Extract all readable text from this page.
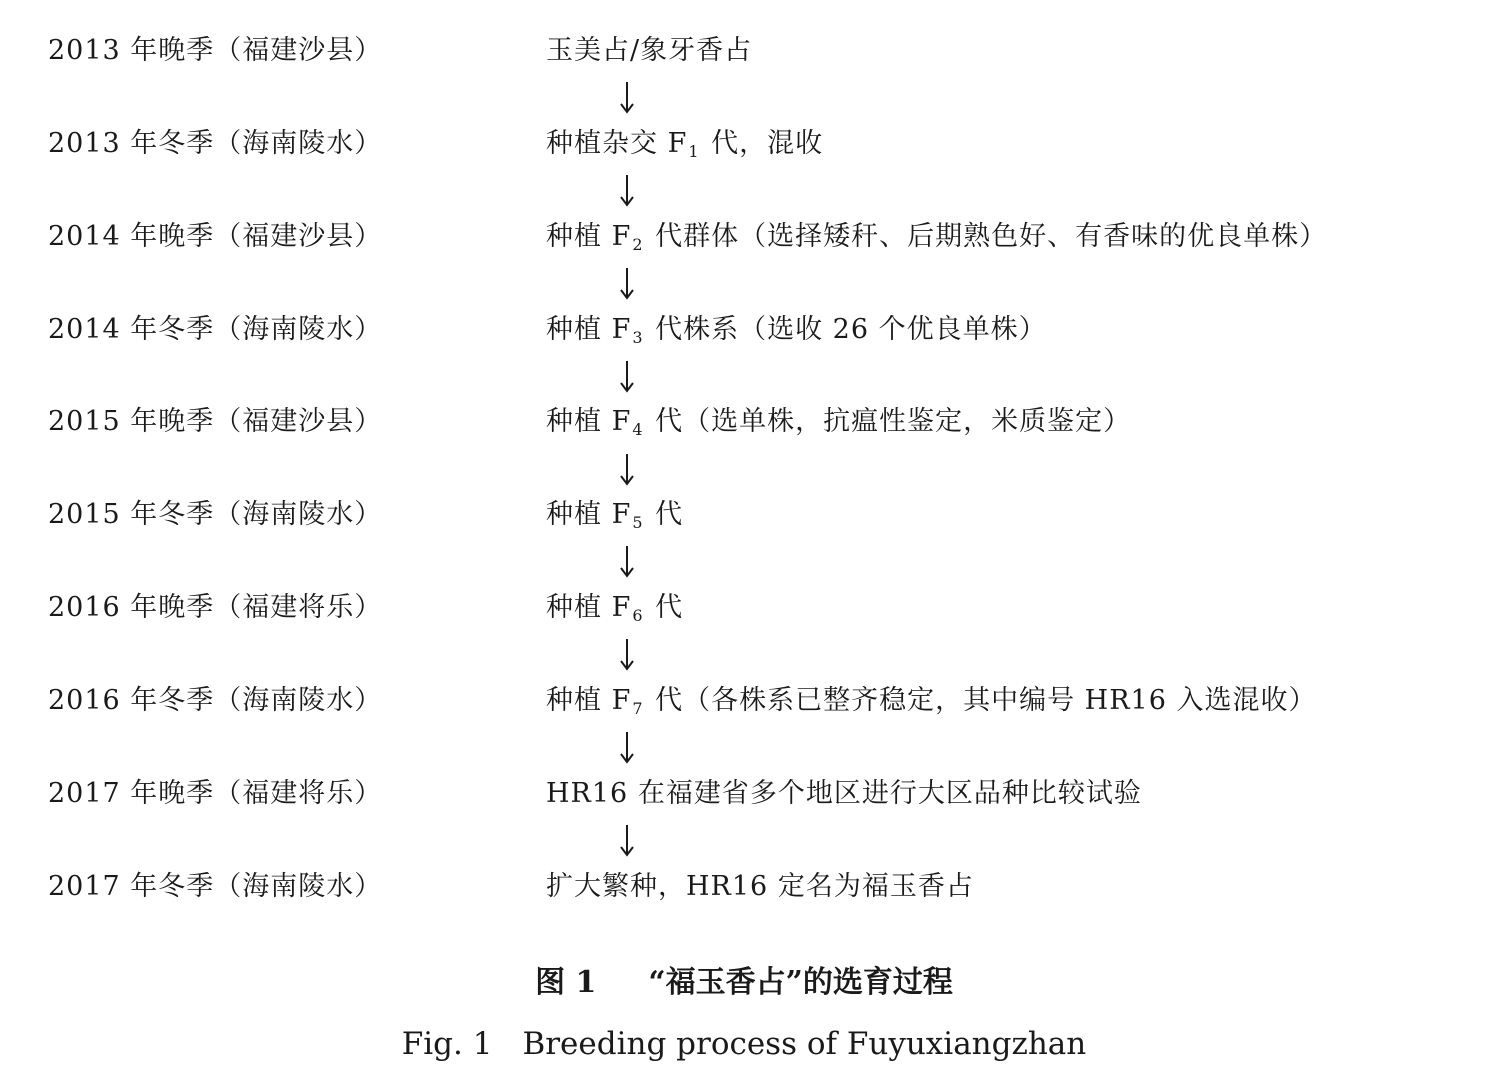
2013 年晚季（福建沙县）	玉美占/象牙香占
2013 年冬季（海南陵水）	种植杂交 $F_1$ 代，混收
2014 年晚季（福建沙县）	种植 $F_2$ 代群体（选择矮秆、后期熟色好、有香味的优良单株）
2014 年冬季（海南陵水）	种植 $F_3$ 代株系（选收 26 个优良单株）
2015 年晚季（福建沙县）	种植 $F_4$ 代（选单株，抗瘟性鉴定，米质鉴定）
2015 年冬季（海南陵水）	种植 $F_5$ 代
2016 年晚季（福建将乐）	种植 $F_6$ 代
2016 年冬季（海南陵水）	种植 $F_7$ 代（各株系已整齐稳定，其中编号 HR16 入选混收）
2017 年晚季（福建将乐）	HR16 在福建省多个地区进行大区品种比较试验
2017 年冬季（海南陵水）	扩大繁种，HR16 定名为福玉香占
图 1 “福玉香占”的选育过程
Fig. 1 Breeding process of Fuyuxiangzhan
